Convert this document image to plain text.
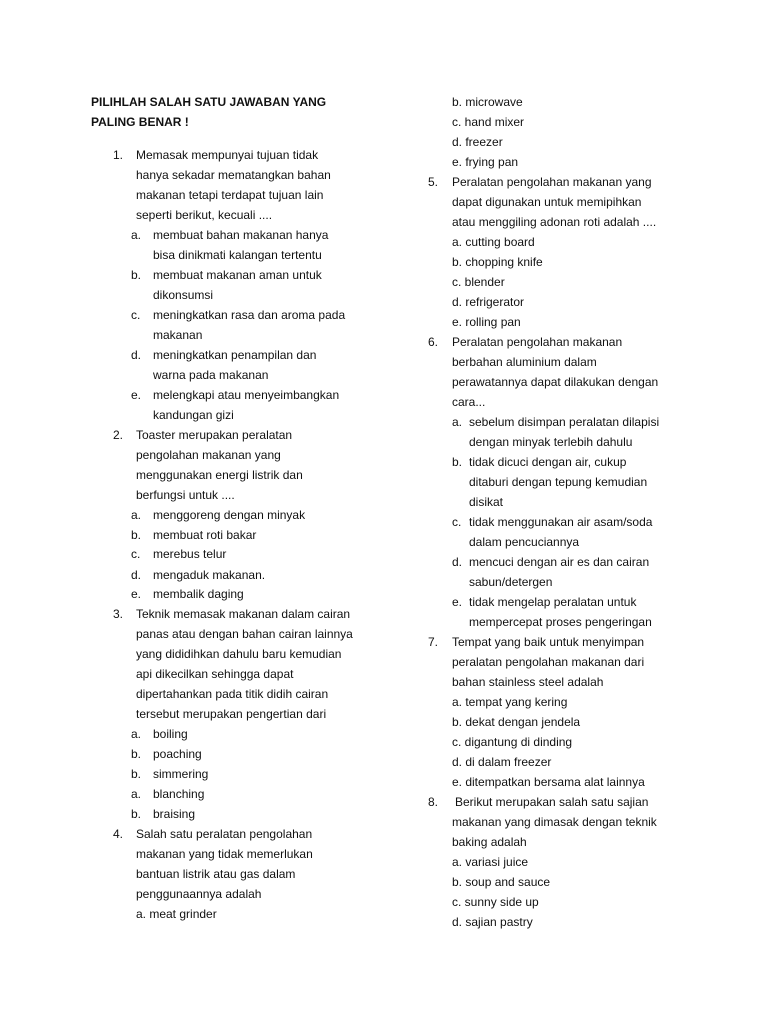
PILIHLAH SALAH SATU JAWABAN YANG
PALING BENAR !
1. Memasak mempunyai tujuan tidak
hanya sekadar mematangkan bahan
makanan tetapi terdapat tujuan lain
seperti berikut, kecuali ....
a. membuat bahan makanan hanya
bisa dinikmati kalangan tertentu
b. membuat makanan aman untuk
dikonsumsi
c. meningkatkan rasa dan aroma pada
makanan
d. meningkatkan penampilan dan
warna pada makanan
e. melengkapi atau menyeimbangkan
kandungan gizi
2. Toaster merupakan peralatan
pengolahan makanan yang
menggunakan energi listrik dan
berfungsi untuk ....
a. menggoreng dengan minyak
b. membuat roti bakar
c. merebus telur
d. mengaduk makanan.
e. membalik daging
3. Teknik memasak makanan dalam cairan
panas atau dengan bahan cairan lainnya
yang dididihkan dahulu baru kemudian
api dikecilkan sehingga dapat
dipertahankan pada titik didih cairan
tersebut merupakan pengertian dari
a. boiling
b. poaching
b. simmering
a. blanching
b. braising
4. Salah satu peralatan pengolahan
makanan yang tidak memerlukan
bantuan listrik atau gas dalam
penggunaannya adalah
a. meat grinder
b. microwave
c. hand mixer
d. freezer
e. frying pan
5. Peralatan pengolahan makanan yang
dapat digunakan untuk memipihkan
atau menggiling adonan roti adalah ....
a. cutting board
b. chopping knife
c. blender
d. refrigerator
e. rolling pan
6. Peralatan pengolahan makanan
berbahan aluminium dalam
perawatannya dapat dilakukan dengan
cara...
a. sebelum disimpan peralatan dilapisi
dengan minyak terlebih dahulu
b. tidak dicuci dengan air, cukup
ditaburi dengan tepung kemudian
disikat
c. tidak menggunakan air asam/soda
dalam pencuciannya
d. mencuci dengan air es dan cairan
sabun/detergen
e. tidak mengelap peralatan untuk
mempercepat proses pengeringan
7. Tempat yang baik untuk menyimpan
peralatan pengolahan makanan dari
bahan stainless steel adalah
a. tempat yang kering
b. dekat dengan jendela
c. digantung di dinding
d. di dalam freezer
e. ditempatkan bersama alat lainnya
8. Berikut merupakan salah satu sajian
makanan yang dimasak dengan teknik
baking adalah
a. variasi juice
b. soup and sauce
c. sunny side up
d. sajian pastry
